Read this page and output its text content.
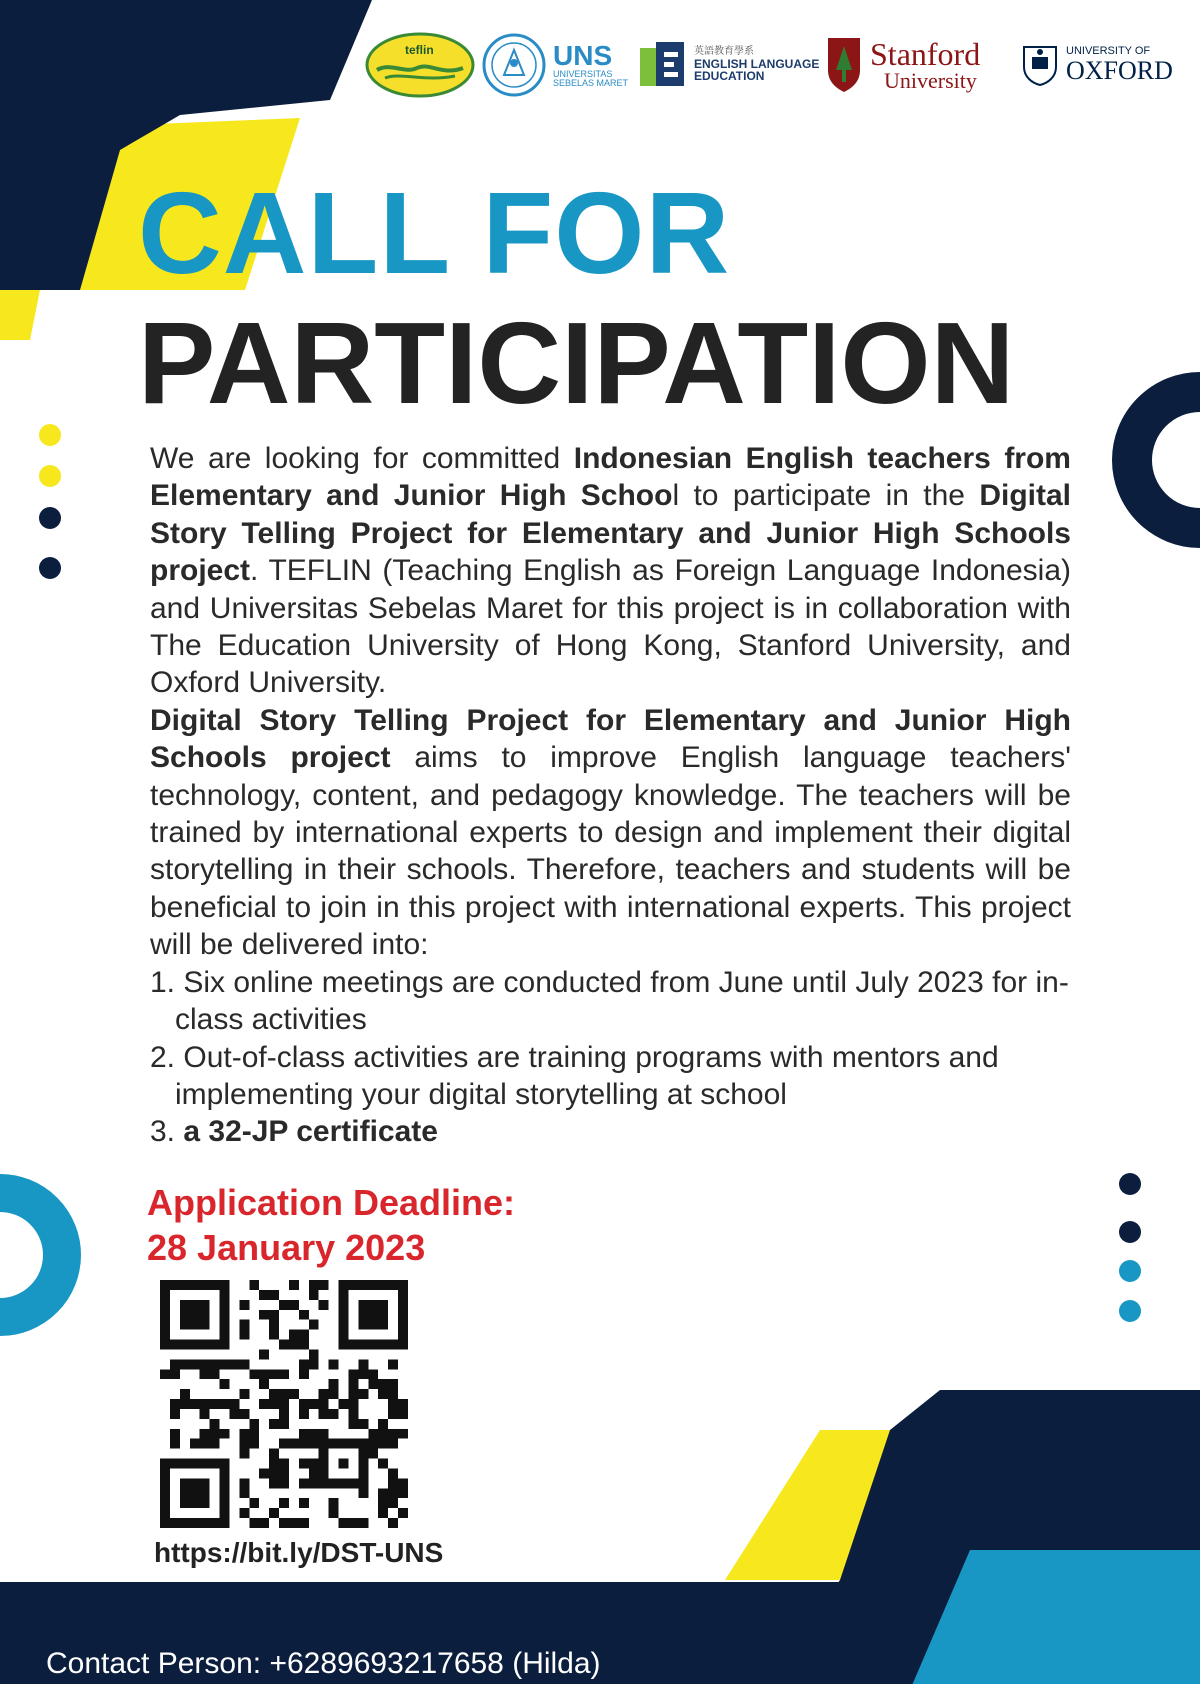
teflin	UNS
UNIVERSITAS
SEBELAS MARET
英語教育學系
ENGLISH LANGUAGE
EDUCATION
Stanford
University
UNIVERSITY OF
OXFORD
CALL FOR
PARTICIPATION

We are looking for committed Indonesian English teachers from Elementary and Junior High School to participate in the Digital Story Telling Project for Elementary and Junior High Schools project. TEFLIN (Teaching English as Foreign Language Indonesia) and Universitas Sebelas Maret for this project is in collaboration with The Education University of Hong Kong, Stanford University, and Oxford University.

Digital Story Telling Project for Elementary and Junior High Schools project aims to improve English language teachers' technology, content, and pedagogy knowledge. The teachers will be trained by international experts to design and implement their digital storytelling in their schools. Therefore, teachers and students will be beneficial to join in this project with international experts. This project will be delivered into:

1. Six online meetings are conducted from June until July 2023 for in-class activities
2. Out-of-class activities are training programs with mentors and implementing your digital storytelling at school
3. a 32-JP certificate
Application Deadline:
28 January 2023
https://bit.ly/DST-UNS
Contact Person: +6289693217658 (Hilda)
